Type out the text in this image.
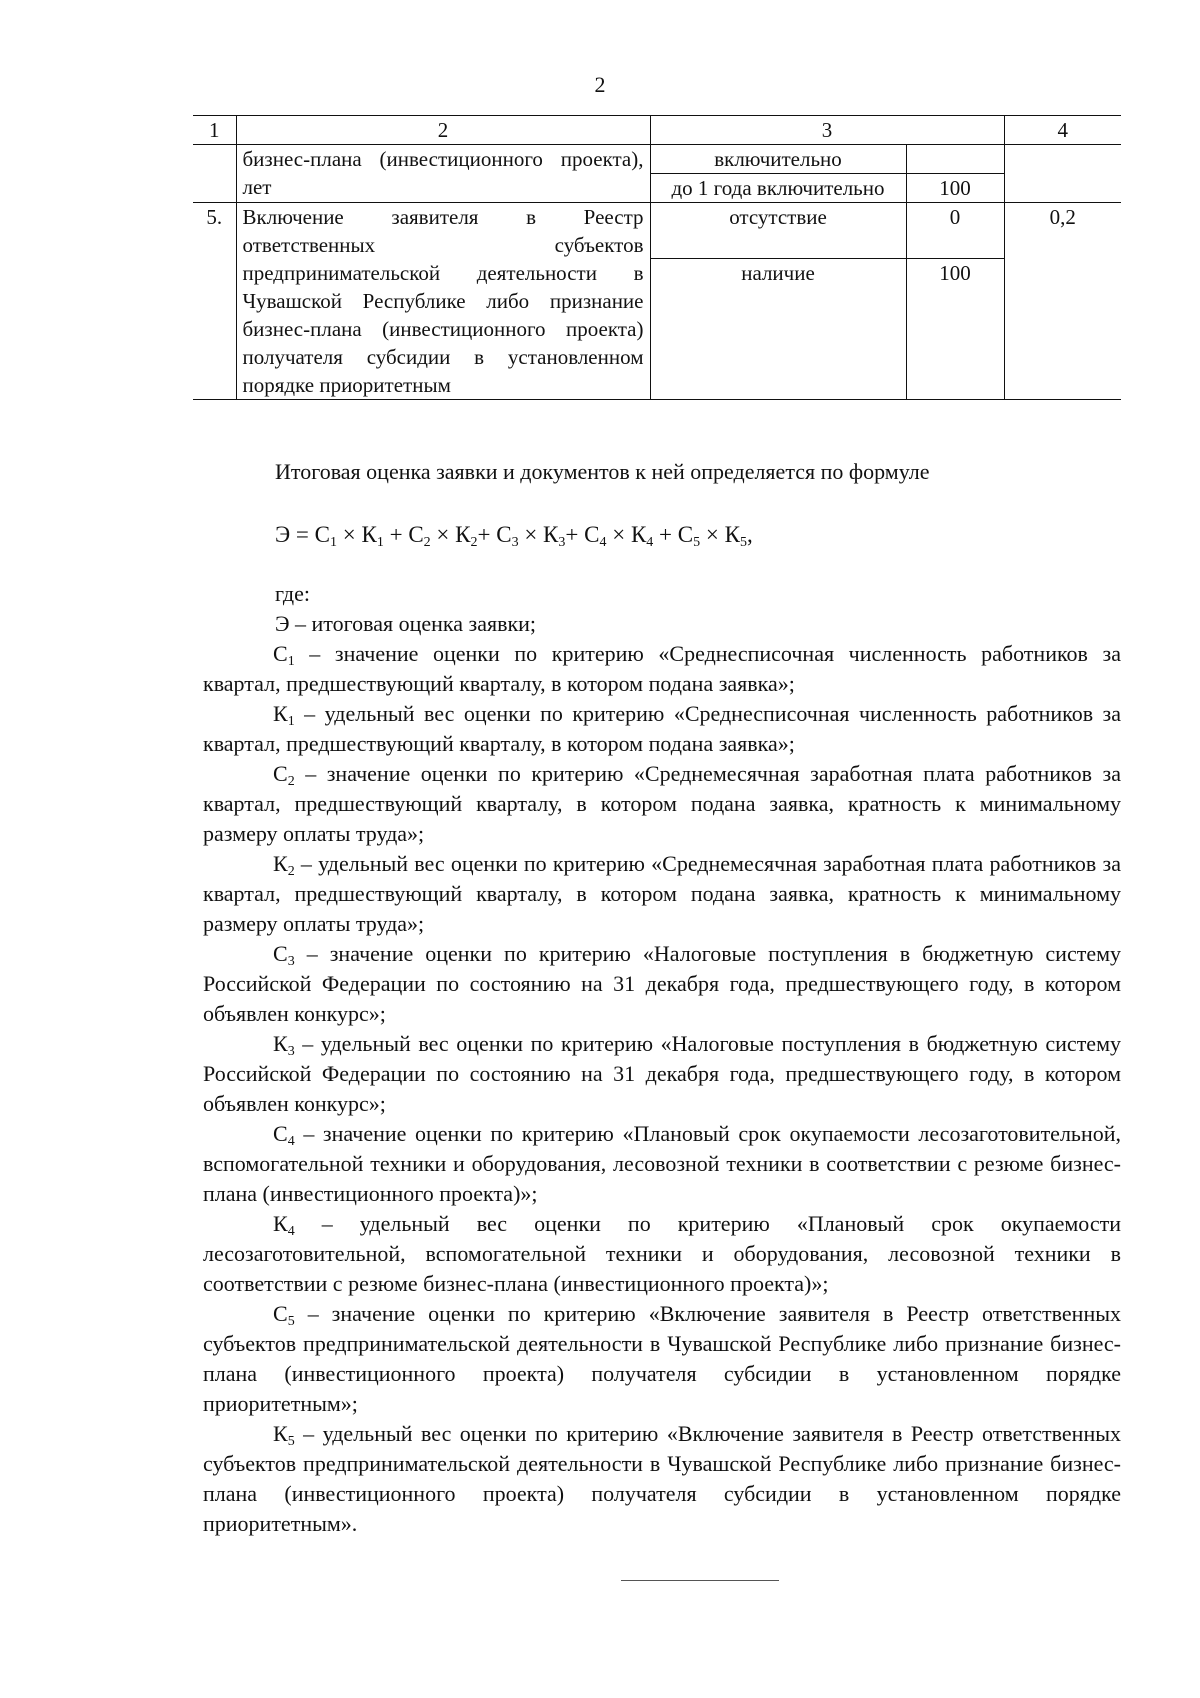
2
1	2	3		4
	бизнес-плана (инвестиционного проекта), лет	включительно		
		до 1 года включительно	100	
5.	Включение заявителя в Реестр ответственных субъектов предпринимательской деятельности в Чувашской Республике либо признание бизнес-плана (инвестиционного проекта) получателя субсидии в установленном порядке приоритетным	отсутствие	0	0,2
		наличие	100	
Итоговая оценка заявки и документов к ней определяется по формуле
$Э = С_1 \times К_1 + С_2 \times К_2+ С_3 \times К_3+ С_4 \times К_4 + С_5 \times К_5$,
где:
Э – итоговая оценка заявки;
$С_1$ – значение оценки по критерию «Среднесписочная численность работников за квартал, предшествующий кварталу, в котором подана заявка»;
$К_1$ – удельный вес оценки по критерию «Среднесписочная численность работников за квартал, предшествующий кварталу, в котором подана заявка»;
$С_2$ – значение оценки по критерию «Среднемесячная заработная плата работников за квартал, предшествующий кварталу, в котором подана заявка, кратность к минимальному размеру оплаты труда»;
$К_2$ – удельный вес оценки по критерию «Среднемесячная заработная плата работников за квартал, предшествующий кварталу, в котором подана заявка, кратность к минимальному размеру оплаты труда»;
$С_3$ – значение оценки по критерию «Налоговые поступления в бюджетную систему Российской Федерации по состоянию на 31 декабря года, предшествующего году, в котором объявлен конкурс»;
$К_3$ – удельный вес оценки по критерию «Налоговые поступления в бюджетную систему Российской Федерации по состоянию на 31 декабря года, предшествующего году, в котором объявлен конкурс»;
$С_4$ – значение оценки по критерию «Плановый срок окупаемости лесозаготовительной, вспомогательной техники и оборудования, лесовозной техники в соответствии с резюме бизнес-плана (инвестиционного проекта)»;
$К_4$ – удельный вес оценки по критерию «Плановый срок окупаемости лесозаготовительной, вспомогательной техники и оборудования, лесовозной техники в соответствии с резюме бизнес-плана (инвестиционного проекта)»;
$С_5$ – значение оценки по критерию «Включение заявителя в Реестр ответственных субъектов предпринимательской деятельности в Чувашской Республике либо признание бизнес-плана (инвестиционного проекта) получателя субсидии в установленном порядке приоритетным»;
$К_5$ – удельный вес оценки по критерию «Включение заявителя в Реестр ответственных субъектов предпринимательской деятельности в Чувашской Республике либо признание бизнес-плана (инвестиционного проекта) получателя субсидии в установленном порядке приоритетным».
